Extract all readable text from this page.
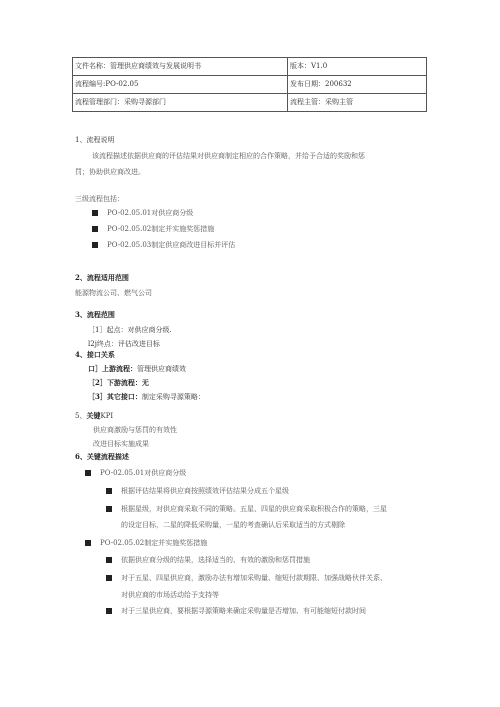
文件名称：管理供应商绩效与发展说明书	版本：V1.0
流程编号:PO-02.05	发布日期：200632
流程管理部门：采购寻源部门	流程主管：采购主管
1、流程说明
该流程描述依据供应商的评估结果对供应商制定相应的合作策略，并给予合适的奖励和惩
罚；协助供应商改进。
三级流程包括：
PO-02.05.01对供应商分级
PO-02.05.02制定并实施奖惩措施
PO-02.05.03制定供应商改进目标并评估
2、流程适用范围
能源物流公司、燃气公司
3、流程范围
［1］起点：对供应商分级.
l2j终点：评估改进目标
4、接口关系
口］上游流程：管理供应商绩效
［2］下游流程：无
［3］其它接口：制定采购寻源策略：
5、关键KPI
供应商激励与惩罚的有效性
改进目标实施成果
6、关键流程描述
PO-02.05.01对供应商分级
根据评估结果将供应商按照绩效评估结果分成五个星级
根据星级，对供应商采取不同的策略。五星、四星的供应商采取积极合作的策略，三星
的设定目标，二星的降低采购量，一星的考查确认后采取适当的方式剔除
PO-02.05.02制定并实施奖惩措施
依据供应商分级的结果，选择适当的、有效的激励和惩罚措施
对于五星、四星供应商，激励办法有增加采购量、缩短付款期限、加强战略伙伴关系、
对供应商的市场活动给予支持等
对于三星供应商，要根据寻源策略来确定采购量是否增加、有可能缩短付款时间
